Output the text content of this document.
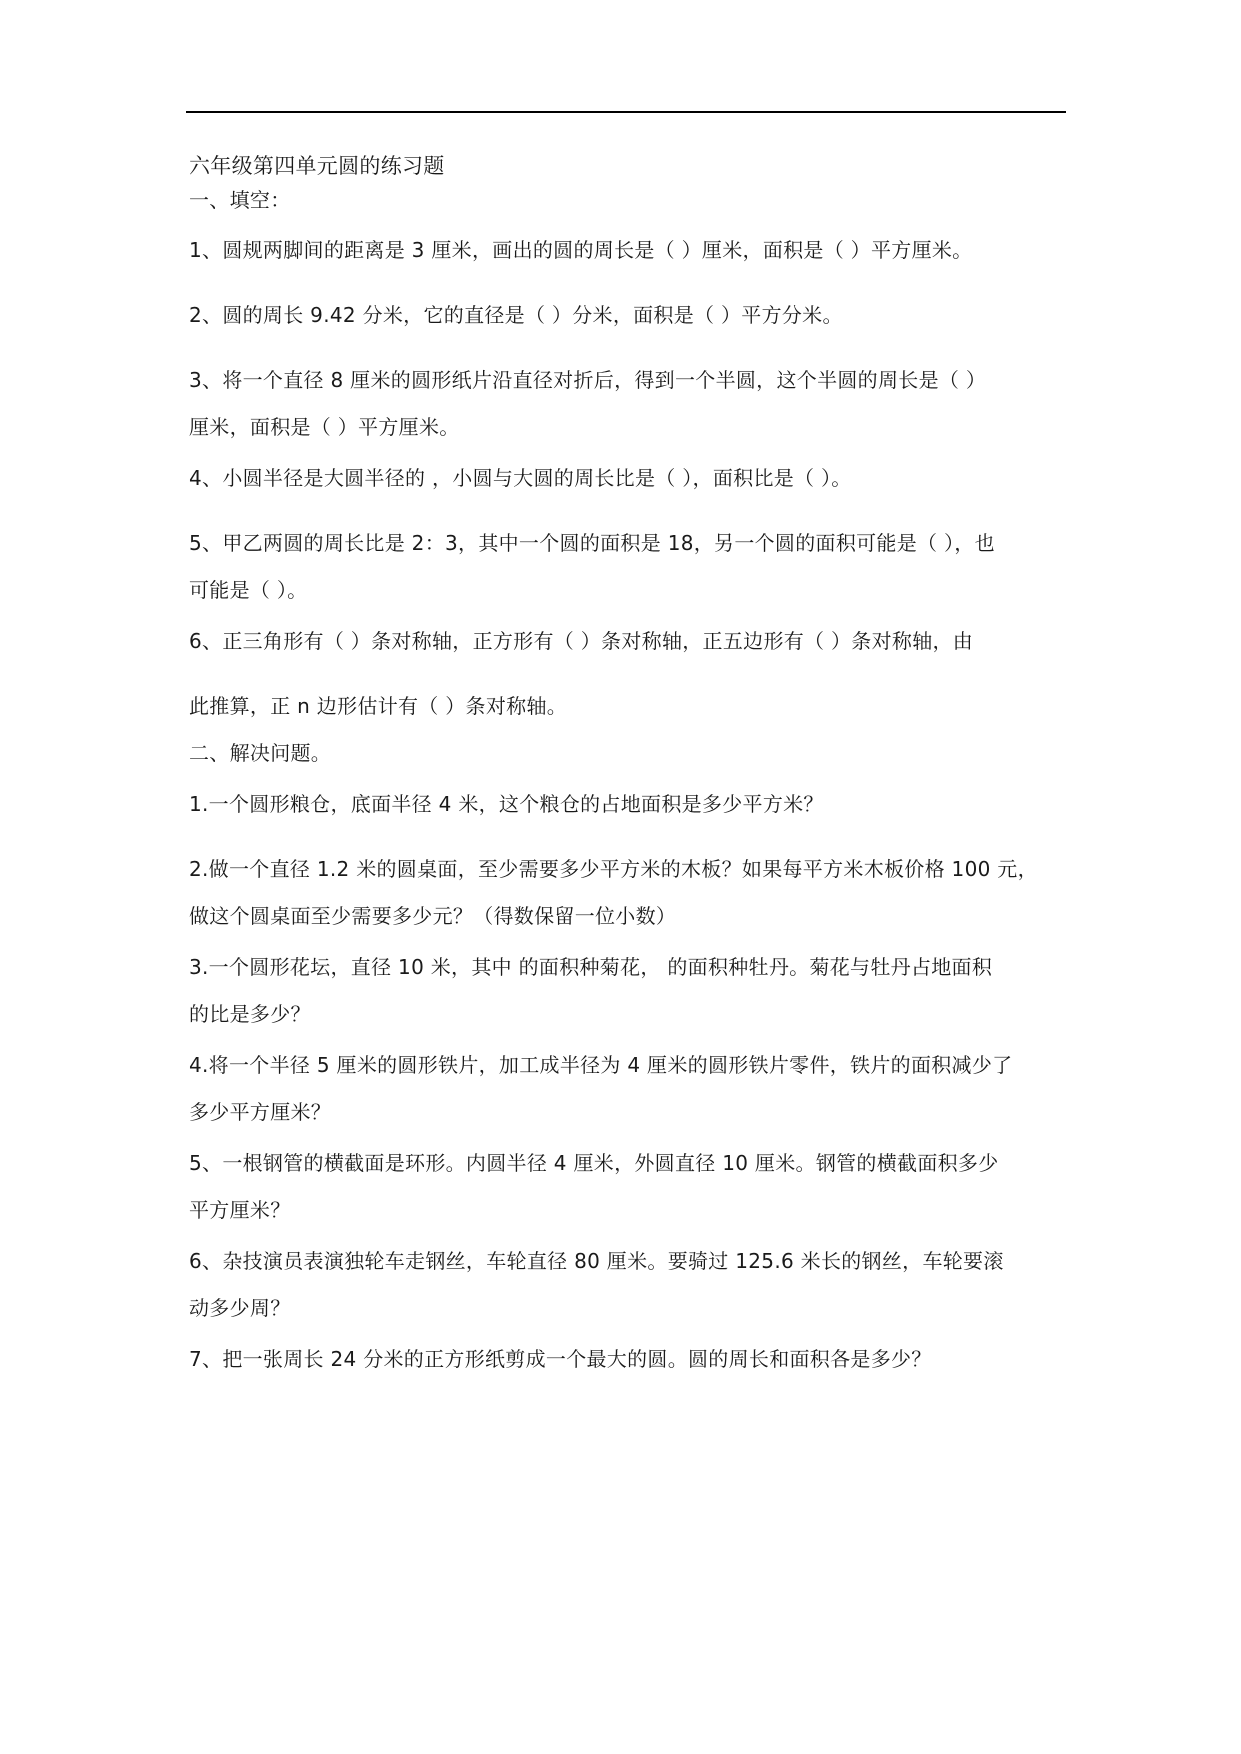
六年级第四单元圆的练习题
一、填空：
1、圆规两脚间的距离是 3 厘米，画出的圆的周长是（ ）厘米，面积是（ ）平方厘米。
2、圆的周长 9.42 分米，它的直径是（ ）分米，面积是（ ）平方分米。
3、将一个直径 8 厘米的圆形纸片沿直径对折后，得到一个半圆，这个半圆的周长是（ ）
厘米，面积是（ ）平方厘米。
4、小圆半径是大圆半径的 ，小圆与大圆的周长比是（ ），面积比是（ ）。
5、甲乙两圆的周长比是 2：3，其中一个圆的面积是 18，另一个圆的面积可能是（ ），也
可能是（ ）。
6、正三角形有（ ）条对称轴，正方形有（ ）条对称轴，正五边形有（ ）条对称轴，由
此推算，正 n 边形估计有（ ）条对称轴。
二、解决问题。
1.一个圆形粮仓，底面半径 4 米，这个粮仓的占地面积是多少平方米？
2.做一个直径 1.2 米的圆桌面，至少需要多少平方米的木板？如果每平方米木板价格 100 元，
做这个圆桌面至少需要多少元？（得数保留一位小数）
3.一个圆形花坛，直径 10 米，其中 的面积种菊花， 的面积种牡丹。菊花与牡丹占地面积
的比是多少？
4.将一个半径 5 厘米的圆形铁片，加工成半径为 4 厘米的圆形铁片零件，铁片的面积减少了
多少平方厘米？
5、一根钢管的横截面是环形。内圆半径 4 厘米，外圆直径 10 厘米。钢管的横截面积多少
平方厘米？
6、杂技演员表演独轮车走钢丝，车轮直径 80 厘米。要骑过 125.6 米长的钢丝，车轮要滚
动多少周？
7、把一张周长 24 分米的正方形纸剪成一个最大的圆。圆的周长和面积各是多少？
